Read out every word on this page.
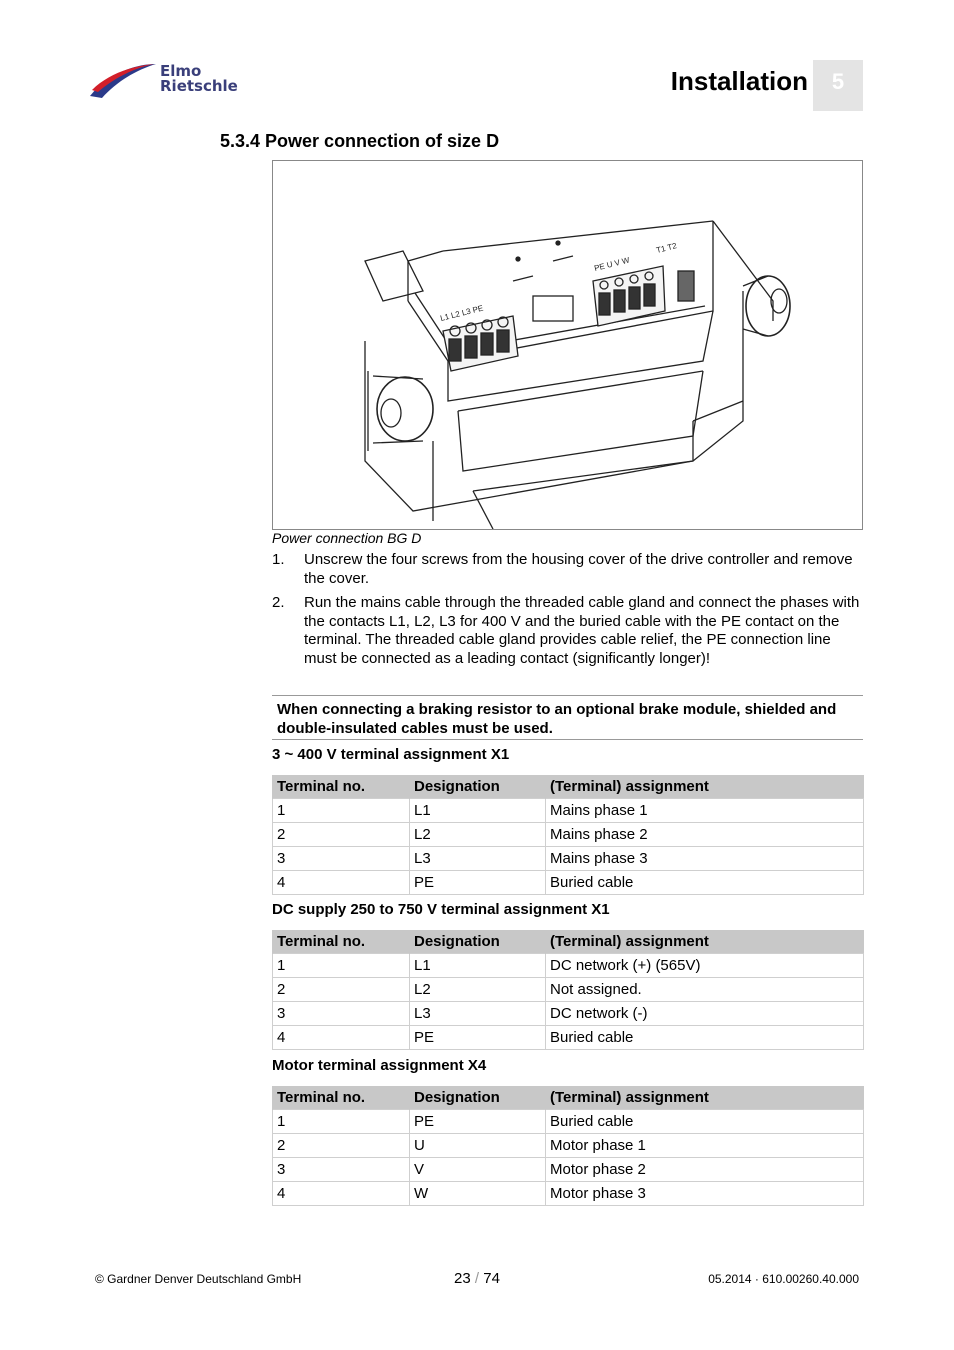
Elmo
Rietschle	Installation	5
5.3.4 Power connection of size D
L1 L2 L3 PE
PE U V W
T1 T2
Power connection BG D
1. Unscrew the four screws from the housing cover of the drive controller and remove the cover.
2. Run the mains cable through the threaded cable gland and connect the phases with the contacts L1, L2, L3 for 400 V and the buried cable with the PE contact on the terminal. The threaded cable gland provides cable relief, the PE connection line must be connected as a leading contact (significantly longer)!
When connecting a braking resistor to an optional brake module, shielded and double-insulated cables must be used.
3 ~ 400 V terminal assignment X1
Terminal no.	Designation	(Terminal) assignment
1	L1	Mains phase 1
2	L2	Mains phase 2
3	L3	Mains phase 3
4	PE	Buried cable
DC supply 250 to 750 V terminal assignment X1
Terminal no.	Designation	(Terminal) assignment
1	L1	DC network (+) (565V)
2	L2	Not assigned.
3	L3	DC network (-)
4	PE	Buried cable
Motor terminal assignment X4
Terminal no.	Designation	(Terminal) assignment
1	PE	Buried cable
2	U	Motor phase 1
3	V	Motor phase 2
4	W	Motor phase 3
© Gardner Denver Deutschland GmbH	23 / 74	05.2014 · 610.00260.40.000
